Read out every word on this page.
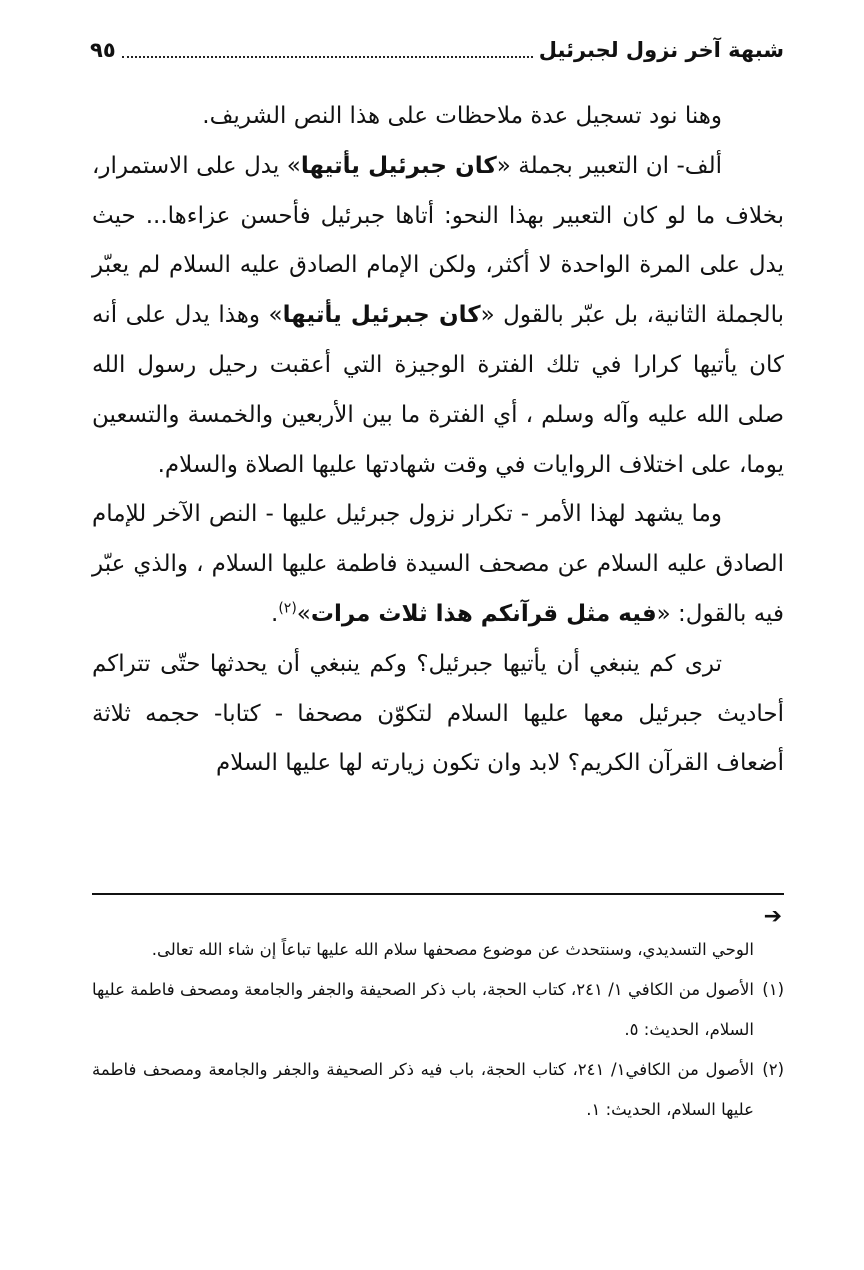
شبهة آخر نزول لجبرئيل
٩٥

وهنا نود تسجيل عدة ملاحظات على هذا النص الشريف.

ألف- ان التعبير بجملة «كان جبرئيل يأتيها» يدل على الاستمرار، بخلاف ما لو كان التعبير بهذا النحو: أتاها جبرئيل فأحسن عزاءها... حيث يدل على المرة الواحدة لا أكثر، ولكن الإمام الصادق عليه السلام لم يعبّر بالجملة الثانية، بل عبّر بالقول «كان جبرئيل يأتيها» وهذا يدل على أنه كان يأتيها كرارا في تلك الفترة الوجيزة التي أعقبت رحيل رسول الله صلى الله عليه وآله وسلم ، أي الفترة ما بين الأربعين والخمسة والتسعين يوما، على اختلاف الروايات في وقت شهادتها عليها الصلاة والسلام.

وما يشهد لهذا الأمر - تكرار نزول جبرئيل عليها - النص الآخر للإمام الصادق عليه السلام عن مصحف السيدة فاطمة عليها السلام ، والذي عبّر فيه بالقول: «فيه مثل قرآنكم هذا ثلاث مرات»$^{(٢)}$.

ترى كم ينبغي أن يأتيها جبرئيل؟ وكم ينبغي أن يحدثها حتّى تتراكم أحاديث جبرئيل معها عليها السلام لتكوّن مصحفا - كتابا- حجمه ثلاثة أضعاف القرآن الكريم؟ لابد وان تكون زيارته لها عليها السلام

➔

الوحي التسديدي، وسنتحدث عن موضوع مصحفها سلام الله عليها تباعاً إن شاء الله تعالى.

(١)الأصول من الكافي ١/ ٢٤١، كتاب الحجة، باب ذكر الصحيفة والجفر والجامعة ومصحف فاطمة عليها السلام، الحديث: ٥.

(٢)الأصول من الكافي١/ ٢٤١، كتاب الحجة، باب فيه ذكر الصحيفة والجفر والجامعة ومصحف فاطمة عليها السلام، الحديث: ١.
